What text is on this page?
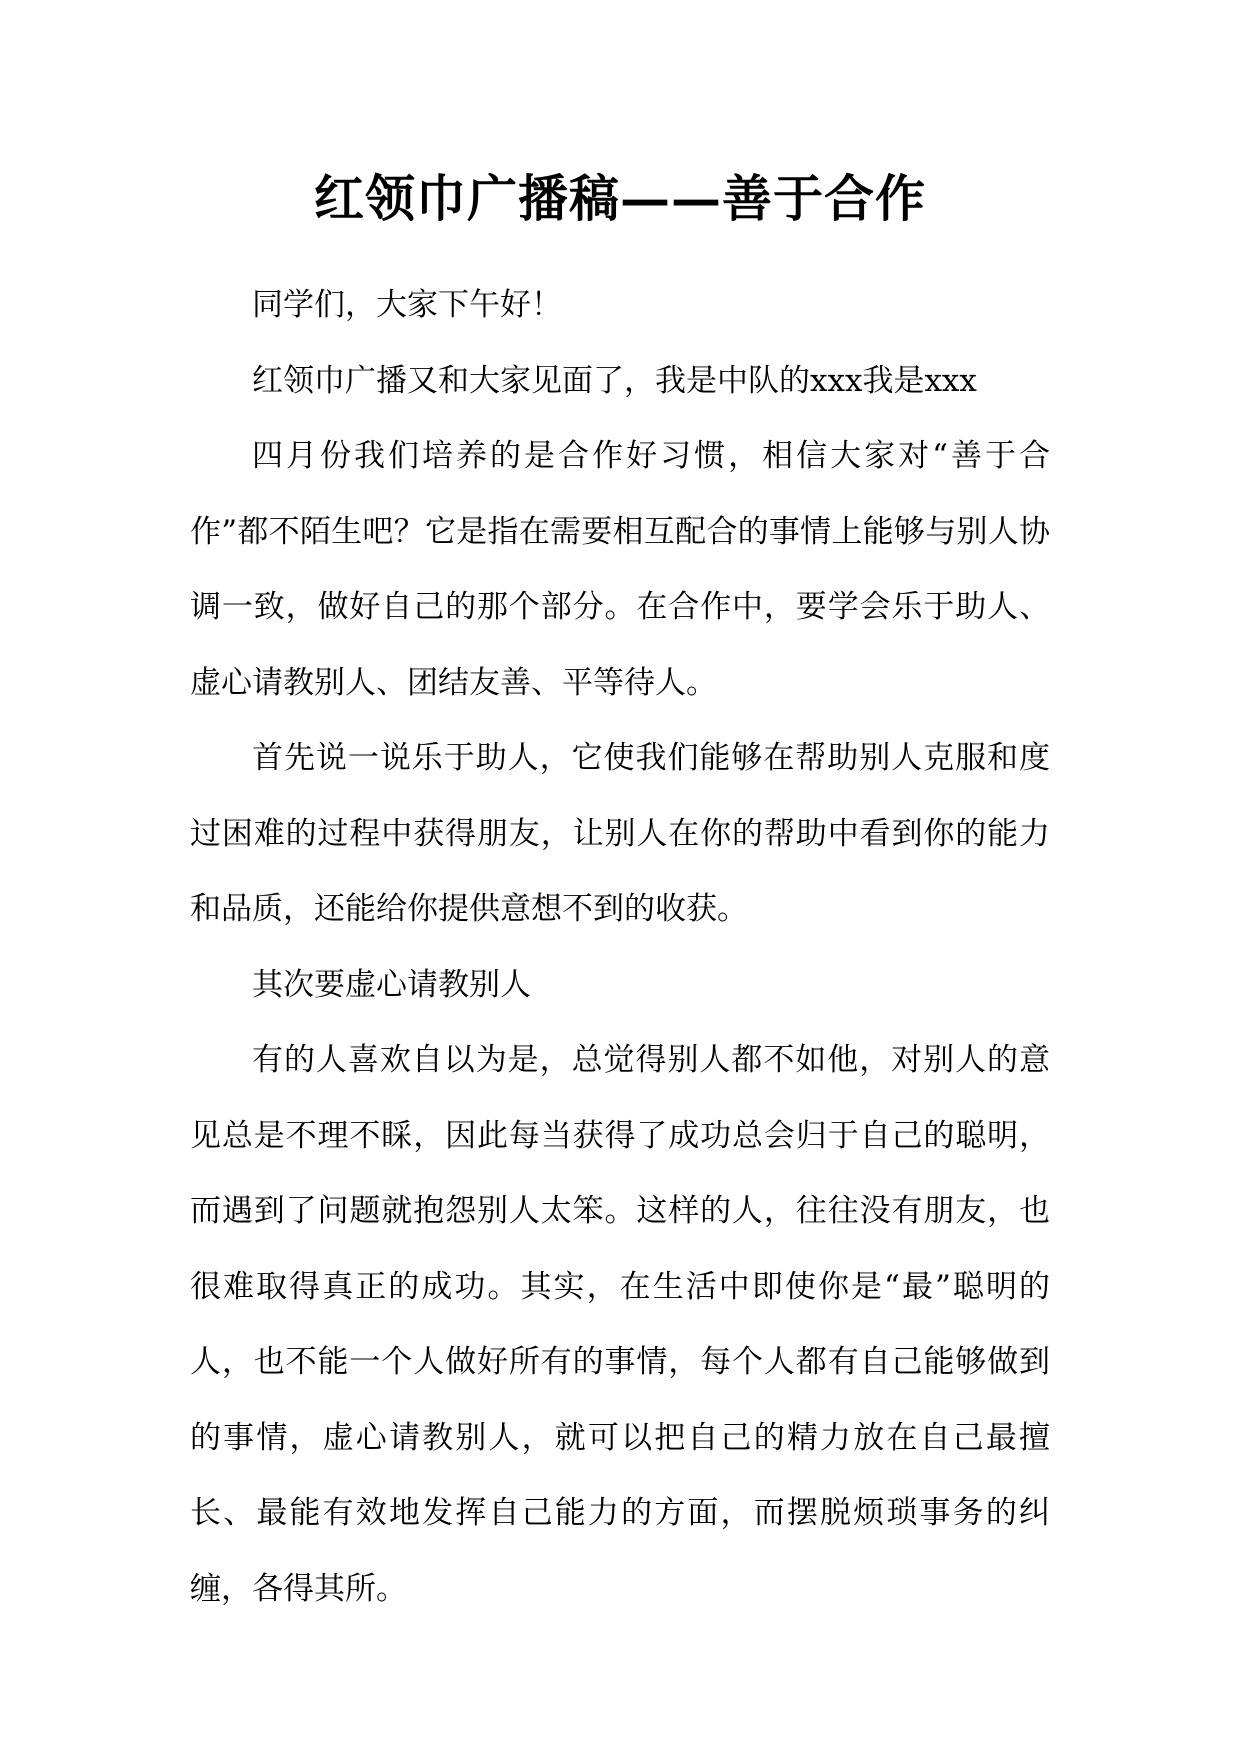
红领巾广播稿——善于合作

同学们，大家下午好！

红领巾广播又和大家见面了，我是中队的xxx我是xxx

四月份我们培养的是合作好习惯，相信大家对“善于合作”都不陌生吧？它是指在需要相互配合的事情上能够与别人协调一致，做好自己的那个部分。在合作中，要学会乐于助人、虚心请教别人、团结友善、平等待人。

首先说一说乐于助人，它使我们能够在帮助别人克服和度过困难的过程中获得朋友，让别人在你的帮助中看到你的能力和品质，还能给你提供意想不到的收获。

其次要虚心请教别人

有的人喜欢自以为是，总觉得别人都不如他，对别人的意见总是不理不睬，因此每当获得了成功总会归于自己的聪明，而遇到了问题就抱怨别人太笨。这样的人，往往没有朋友，也很难取得真正的成功。其实，在生活中即使你是“最”聪明的人，也不能一个人做好所有的事情，每个人都有自己能够做到的事情，虚心请教别人，就可以把自己的精力放在自己最擅长、最能有效地发挥自己能力的方面，而摆脱烦琐事务的纠缠，各得其所。
